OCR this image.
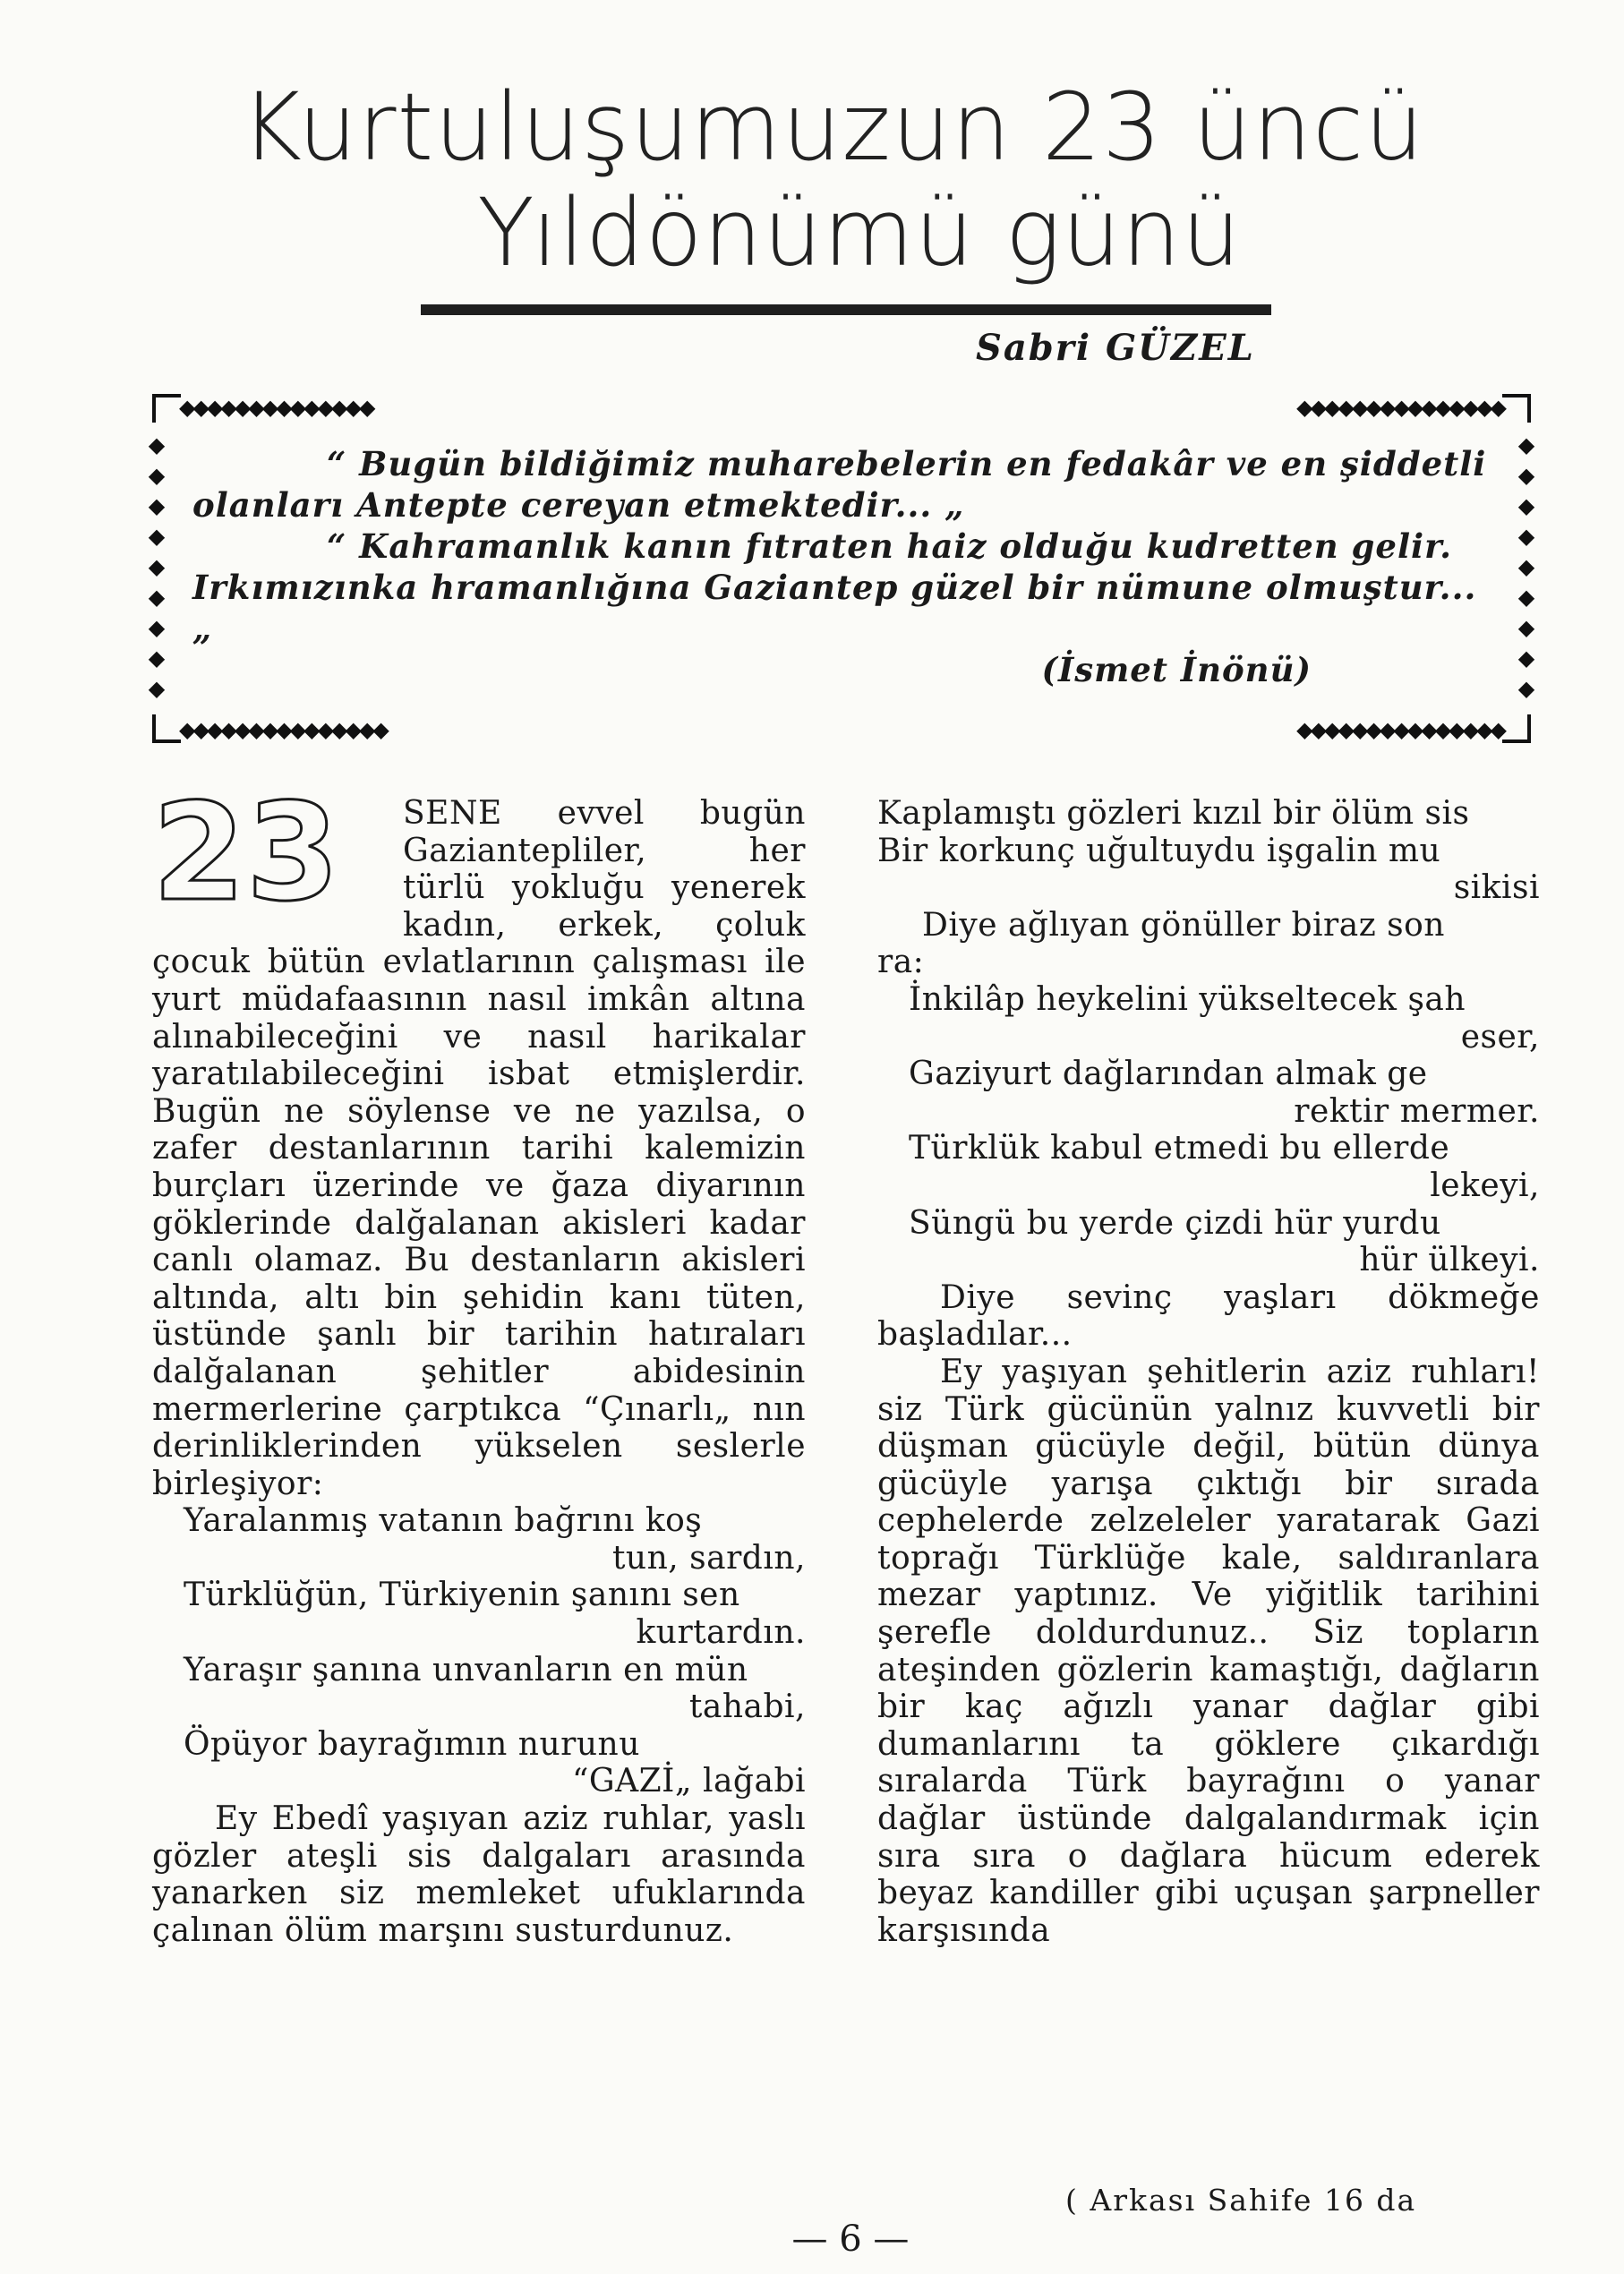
Kurtuluşumuzun 23 üncü
Yıldönümü günü
Sabri GÜZEL
◆◆◆◆◆◆◆◆◆◆◆◆◆◆	◆◆◆◆◆◆◆◆◆◆◆◆◆◆◆
◆◆◆◆◆◆◆◆◆◆◆◆◆◆◆	◆◆◆◆◆◆◆◆◆◆◆◆◆◆◆
◆
◆
◆
◆
◆
◆
◆
◆
◆
◆
◆
◆
◆
◆
◆
◆
◆
◆

“ Bugün bildiğimiz muharebelerin en fedakâr ve en şiddetli olanları Antepte cereyan etmektedir... „

“ Kahramanlık kanın fıtraten haiz olduğu kudretten gelir. Irkımızınka hramanlığına Gaziantep güzel bir nümune olmuştur... „

(İsmet İnönü)

23	SENE evvel bugün Gaziantepliler, her türlü yokluğu yenerek kadın, erkek, çoluk çocuk bütün evlatlarının çalışması ile yurt müdafaasının nasıl imkân altına alınabileceğini ve nasıl harikalar yaratılabileceğini isbat etmişlerdir. Bugün ne söylense ve ne yazılsa, o zafer destanlarının tarihi kalemizin burçları üzerinde ve ğaza diyarının göklerinde dalğalanan akisleri kadar canlı olamaz. Bu destanların akisleri altında, altı bin şehidin kanı tüten, üstünde şanlı bir tarihin hatıraları dalğalanan şehitler abidesinin mermerlerine çarptıkca “Çınarlı„ nın derinliklerinden yükselen seslerle birleşiyor:

Yaralanmış vatanın bağrını koş
tun, sardın,
Türklüğün, Türkiyenin şanını sen
kurtardın.
Yaraşır şanına unvanların en mün
tahabi,
Öpüyor bayrağımın nurunu
“GAZİ„ lağabi

Ey Ebedî yaşıyan aziz ruhlar, yaslı gözler ateşli sis dalgaları arasında yanarken siz memleket ufuklarında çalınan ölüm marşını susturdunuz.

Kaplamıştı gözleri kızıl bir ölüm sis
Bir korkunç uğultuydu işgalin mu
sikisi
Diye ağlıyan gönüller biraz son
ra:
İnkilâp heykelini yükseltecek şah
eser,
Gaziyurt dağlarından almak ge
rektir mermer.
Türklük kabul etmedi bu ellerde
lekeyi,
Süngü bu yerde çizdi hür yurdu
hür ülkeyi.

Diye sevinç yaşları dökmeğe başladılar...

Ey yaşıyan şehitlerin aziz ruhları! siz Türk gücünün yalnız kuvvetli bir düşman gücüyle değil, bütün dünya gücüyle yarışa çıktığı bir sırada cephelerde zelzeleler yaratarak Gazi toprağı Türklüğe kale, saldıranlara mezar yaptınız. Ve yiğitlik tarihini şerefle doldurdunuz.. Siz topların ateşinden gözlerin kamaştığı, dağların bir kaç ağızlı yanar dağlar gibi dumanlarını ta göklere çıkardığı sıralarda Türk bayrağını o yanar dağlar üstünde dalgalandırmak için sıra sıra o dağlara hücum ederek beyaz kandiller gibi uçuşan şarpneller karşısında

( Arkası Sahife 16 da
— 6 —
